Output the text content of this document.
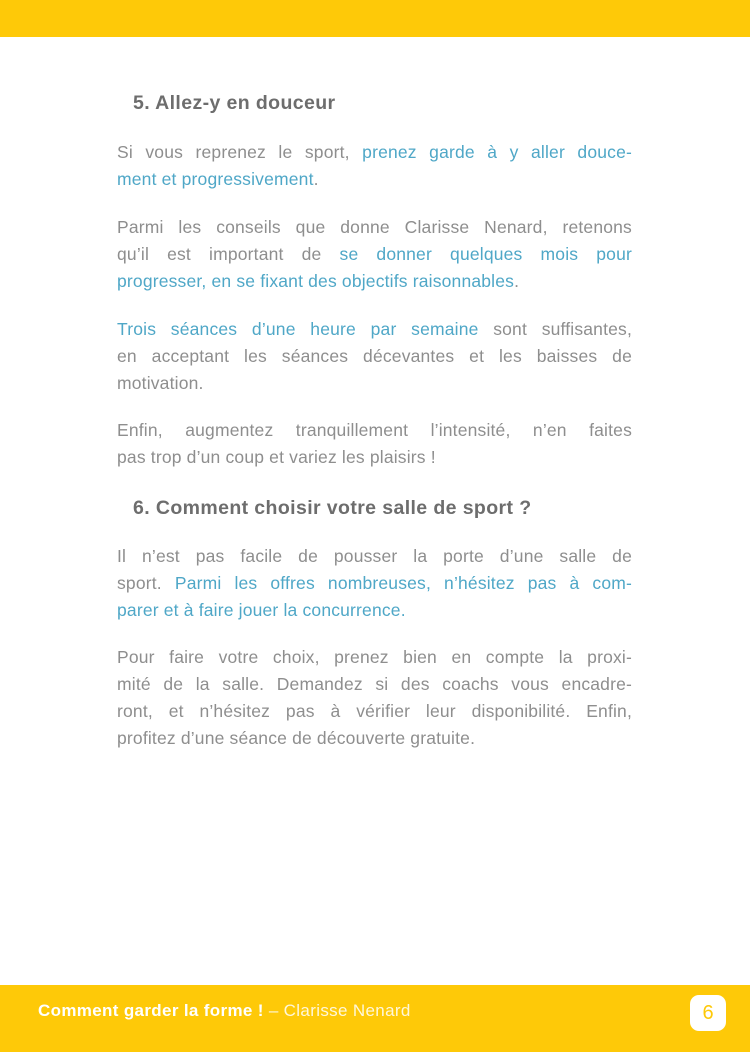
5. Allez-y en douceur
Si vous reprenez le sport, prenez garde à y aller douce-
ment et progressivement.
Parmi les conseils que donne Clarisse Nenard, retenons
qu’il est important de se donner quelques mois pour
progresser, en se fixant des objectifs raisonnables.
Trois séances d’une heure par semaine sont suffisantes,
en acceptant les séances décevantes et les baisses de
motivation.
Enfin, augmentez tranquillement l’intensité, n’en faites
pas trop d’un coup et variez les plaisirs !
6. Comment choisir votre salle de sport ?
Il n’est pas facile de pousser la porte d’une salle de
sport. Parmi les offres nombreuses, n’hésitez pas à com-
parer et à faire jouer la concurrence.
Pour faire votre choix, prenez bien en compte la proxi-
mité de la salle. Demandez si des coachs vous encadre-
ront, et n’hésitez pas à vérifier leur disponibilité. Enfin,
profitez d’une séance de découverte gratuite.
Comment garder la forme ! – Clarisse Nenard	6
